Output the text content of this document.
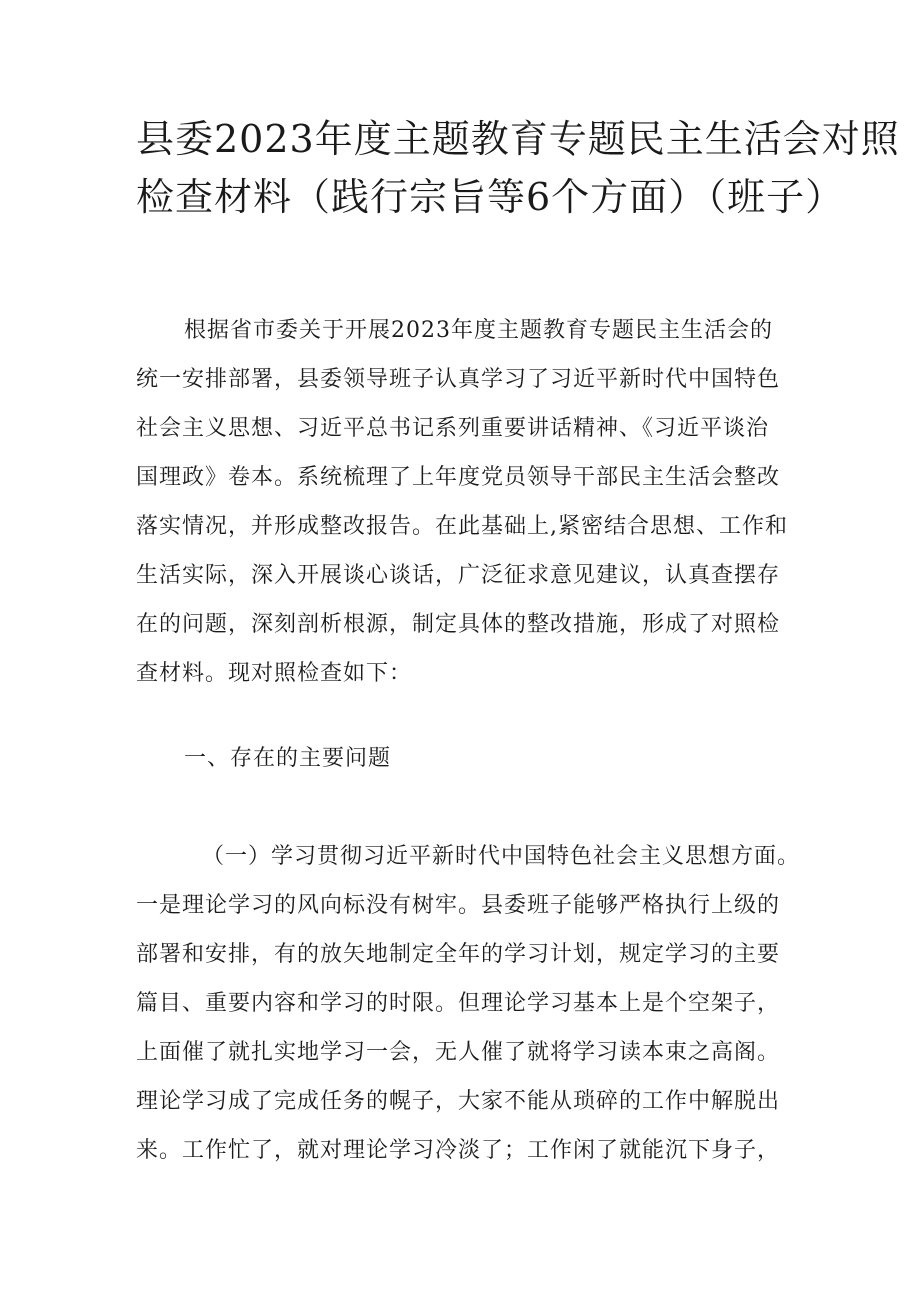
县委2023年度主题教育专题民主生活会对照
检查材料（践行宗旨等6个方面）（班子）
根据省市委关于开展2023年度主题教育专题民主生活会的
统一安排部署，县委领导班子认真学习了习近平新时代中国特色
社会主义思想、习近平总书记系列重要讲话精神、《习近平谈治
国理政》卷本。系统梳理了上年度党员领导干部民主生活会整改
落实情况，并形成整改报告。在此基础上,紧密结合思想、工作和
生活实际，深入开展谈心谈话，广泛征求意见建议，认真查摆存
在的问题，深刻剖析根源，制定具体的整改措施，形成了对照检
查材料。现对照检查如下：
一、存在的主要问题
（一）学习贯彻习近平新时代中国特色社会主义思想方面。
一是理论学习的风向标没有树牢。县委班子能够严格执行上级的
部署和安排，有的放矢地制定全年的学习计划，规定学习的主要
篇目、重要内容和学习的时限。但理论学习基本上是个空架子，
上面催了就扎实地学习一会，无人催了就将学习读本束之高阁。
理论学习成了完成任务的幌子，大家不能从琐碎的工作中解脱出
来。工作忙了，就对理论学习冷淡了；工作闲了就能沉下身子，
